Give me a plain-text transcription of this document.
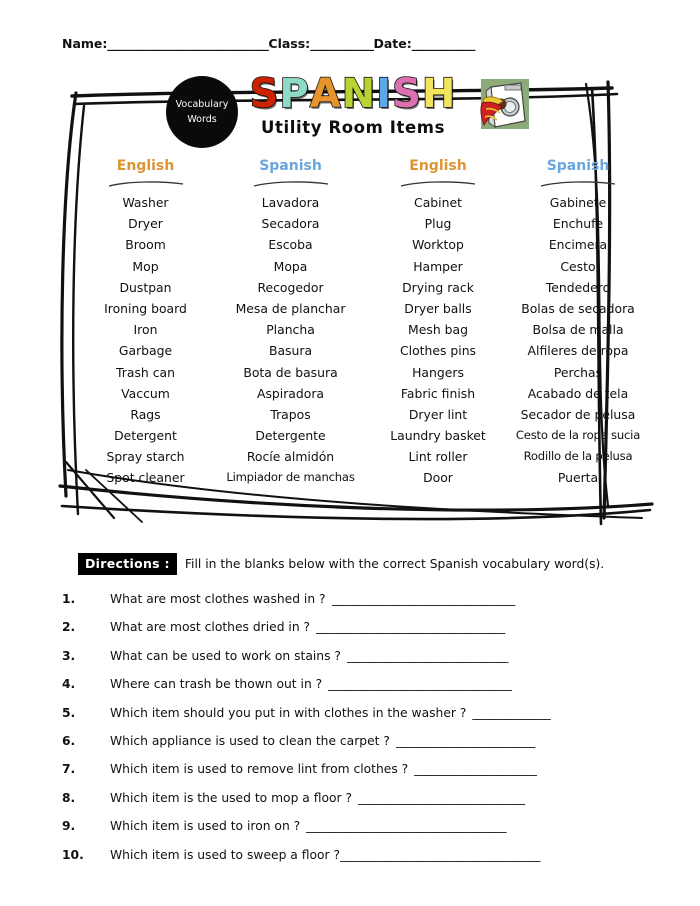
Name:____________________________Class:___________Date:___________
Vocabulary
Words
SPANISH
Utility Room Items
English	Spanish	English	Spanish
Washer	Lavadora	Cabinet	Gabinete
Dryer	Secadora	Plug	Enchufe
Broom	Escoba	Worktop	Encimera
Mop	Mopa	Hamper	Cesto
Dustpan	Recogedor	Drying rack	Tendedero
Ironing board	Mesa de planchar	Dryer balls	Bolas de secadora
Iron	Plancha	Mesh bag	Bolsa de malla
Garbage	Basura	Clothes pins	Alfileres de ropa
Trash can	Bota de basura	Hangers	Perchas
Vaccum	Aspiradora	Fabric finish	Acabado de tela
Rags	Trapos	Dryer lint	Secador de pelusa
Detergent	Detergente	Laundry basket	Cesto de la ropa sucia
Spray starch	Rocíe almidón	Lint roller	Rodillo de la pelusa
Spot cleaner	Limpiador de manchas	Door	Puerta
Directions :	Fill in the blanks below with the correct Spanish vocabulary word(s).
1.	What are most clothes washed in ? _________________________________
2.	What are most clothes dried in ? __________________________________
3.	What can be used to work on stains ? _____________________________
4.	Where can trash be thown out in ? _________________________________
5.	Which item should you put in with clothes in the washer ? ______________
6.	Which appliance is used to clean the carpet ? _________________________
7.	Which item is used to remove lint from clothes ? ______________________
8.	Which item is the used to mop a floor ? ______________________________
9.	Which item is used to iron on ? ____________________________________
10.	Which item is used to sweep a floor ? ____________________________________
